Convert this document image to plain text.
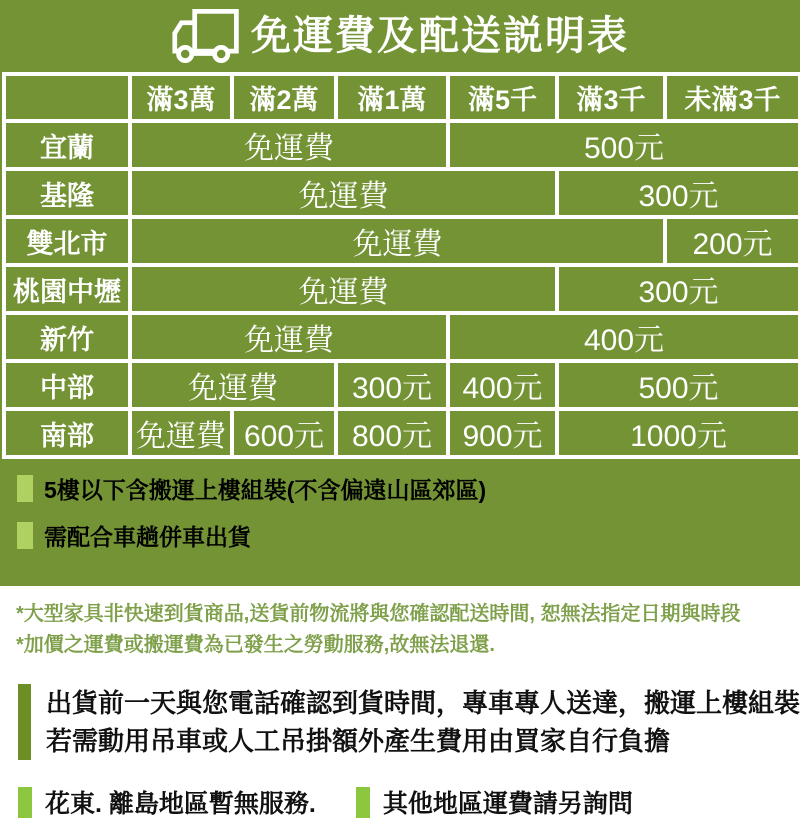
免運費及配送説明表
	滿3萬	滿2萬	滿1萬	滿5千	滿3千	未滿3千
宜蘭	免運費			500元		
基隆	免運費				300元	
雙北市	免運費					200元
桃園中壢	免運費				300元	
新竹	免運費			400元		
中部	免運費		300元	400元	500元	
南部	免運費	600元	800元	900元	1000元	
5樓以下含搬運上樓組裝(不含偏遠山區郊區)
需配合車趟併車出貨
*大型家具非快速到貨商品,送貨前物流將與您確認配送時間, 恕無法指定日期與時段
*加價之運費或搬運費為已發生之勞動服務,故無法退還.
出貨前一天與您電話確認到貨時間，專車專人送達，搬運上樓組裝
若需動用吊車或人工吊掛額外產生費用由買家自行負擔
花東. 離島地區暫無服務.	其他地區運費請另詢問
